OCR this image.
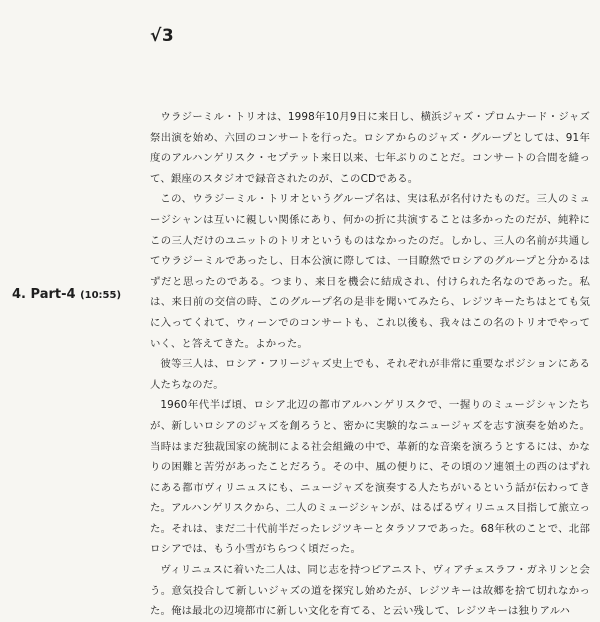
√3
4. Part-4 (10:55)

ウラジーミル・トリオは、1998年10月9日に来日し、横浜ジャズ・プロムナード・ジャズ祭出演を始め、六回のコンサートを行った。ロシアからのジャズ・グループとしては、91年度のアルハンゲリスク・セプテット来日以来、七年ぶりのことだ。コンサートの合間を縫って、銀座のスタジオで録音されたのが、このCDである。

この、ウラジーミル・トリオというグループ名は、実は私が名付けたものだ。三人のミュージシャンは互いに親しい関係にあり、何かの折に共演することは多かったのだが、純粋にこの三人だけのユニットのトリオというものはなかったのだ。しかし、三人の名前が共通してウラジーミルであったし、日本公演に際しては、一目瞭然でロシアのグループと分かるはずだと思ったのである。つまり、来日を機会に結成され、付けられた名なのであった。私は、来日前の交信の時、このグループ名の是非を聞いてみたら、レジツキーたちはとても気に入ってくれて、ウィーンでのコンサートも、これ以後も、我々はこの名のトリオでやっていく、と答えてきた。よかった。

彼等三人は、ロシア・フリージャズ史上でも、それぞれが非常に重要なポジションにある人たちなのだ。

1960年代半ば頃、ロシア北辺の都市アルハンゲリスクで、一握りのミュージシャンたちが、新しいロシアのジャズを創ろうと、密かに実験的なニュージャズを志す演奏を始めた。当時はまだ独裁国家の統制による社会組織の中で、革新的な音楽を演ろうとするには、かなりの困難と苦労があったことだろう。その中、風の便りに、その頃のソ連領土の西のはずれにある都市ヴィリニュスにも、ニュージャズを演奏する人たちがいるという話が伝わってきた。アルハンゲリスクから、二人のミュージシャンが、はるばるヴィリニュス目指して旅立った。それは、まだ二十代前半だったレジツキーとタラソフであった。68年秋のことで、北部ロシアでは、もう小雪がちらつく頃だった。

ヴィリニュスに着いた二人は、同じ志を持つピアニスト、ヴィアチェスラフ・ガネリンと会う。意気投合して新しいジャズの道を探究し始めたが、レジツキーは故郷を捨て切れなかった。俺は最北の辺境都市に新しい文化を育てる、と云い残して、レジツキーは独りアルハ
